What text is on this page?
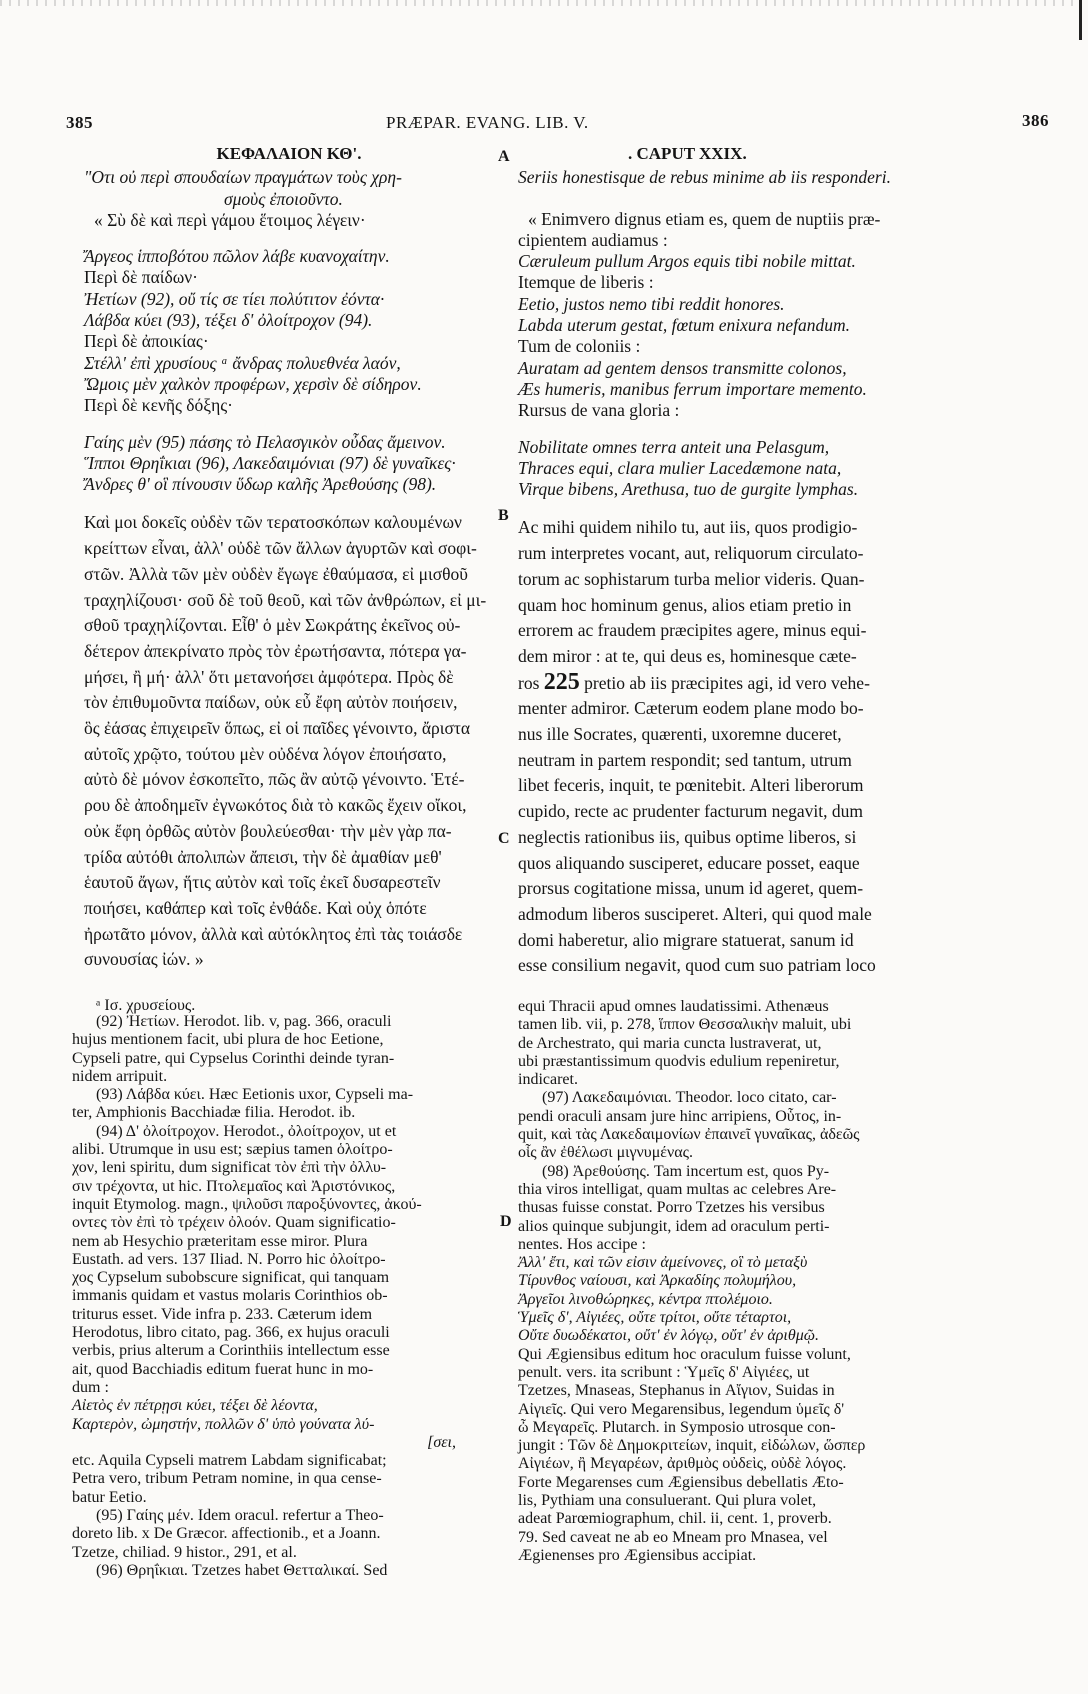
385	PRÆPAR. EVANG. LIB. V.	386
A
B
C
D

ΚΕΦΑΛΑΙΟΝ ΚΘ'.

"Οτι οὐ περὶ σπουδαίων πραγμάτων τοὺς χρη-

σμοὺς ἐποιοῦντο.

« Σὺ δὲ καὶ περὶ γάμου ἕτοιμος λέγειν·

Ἄργεος ἱπποβότου πῶλον λάβε κυανοχαίτην.

Περὶ δὲ παίδων·

Ἠετίων (92), οὔ τίς σε τίει πολύτιτον ἐόντα·

Λάβδα κύει (93), τέξει δ' ὀλοίτροχον (94).

Περὶ δὲ ἀποικίας·

Στέλλ' ἐπὶ χρυσίους ᵃ ἄνδρας πολυεθνέα λαόν,

Ὤμοις μὲν χαλκὸν προφέρων, χερσὶν δὲ σίδηρον.

Περὶ δὲ κενῆς δόξης·

Γαίης μὲν (95) πάσης τὸ Πελασγικὸν οὖδας ἄμεινον.

Ἵπποι Θρηΐκιαι (96), Λακεδαιμόνιαι (97) δὲ γυναῖκες·

Ἄνδρες θ' οἳ πίνουσιν ὕδωρ καλῆς Ἀρεθούσης (98).

Καὶ μοι δοκεῖς οὐδὲν τῶν τερατοσκόπων καλουμένων

κρείττων εἶναι, ἀλλ' οὐδὲ τῶν ἄλλων ἀγυρτῶν καὶ σοφι-

στῶν. Ἀλλὰ τῶν μὲν οὐδὲν ἔγωγε ἐθαύμασα, εἰ μισθοῦ

τραχηλίζουσι· σοῦ δὲ τοῦ θεοῦ, καὶ τῶν ἀνθρώπων, εἰ μι-

σθοῦ τραχηλίζονται. Εἶθ' ὁ μὲν Σωκράτης ἐκεῖνος οὐ-

δέτερον ἀπεκρίνατο πρὸς τὸν ἐρωτήσαντα, πότερα γα-

μήσει, ἢ μή· ἀλλ' ὅτι μετανοήσει ἀμφότερα. Πρὸς δὲ

τὸν ἐπιθυμοῦντα παίδων, οὐκ εὖ ἔφη αὐτὸν ποιήσειν,

ὃς ἐάσας ἐπιχειρεῖν ὅπως, εἰ οἱ παῖδες γένοιντο, ἄριστα

αὐτοῖς χρῷτο, τούτου μὲν οὐδένα λόγον ἐποιήσατο,

αὐτὸ δὲ μόνον ἐσκοπεῖτο, πῶς ἂν αὐτῷ γένοιντο. Ἑτέ-

ρου δὲ ἀποδημεῖν ἐγνωκότος διὰ τὸ κακῶς ἔχειν οἴκοι,

οὐκ ἔφη ὀρθῶς αὐτὸν βουλεύεσθαι· τὴν μὲν γὰρ πα-

τρίδα αὐτόθι ἀπολιπὼν ἄπεισι, τὴν δὲ ἀμαθίαν μεθ'

ἑαυτοῦ ἄγων, ἥτις αὐτὸν καὶ τοῖς ἐκεῖ δυσαρεστεῖν

ποιήσει, καθάπερ καὶ τοῖς ἐνθάδε. Καὶ οὐχ ὁπότε

ἠρωτᾶτο μόνον, ἀλλὰ καὶ αὐτόκλητος ἐπὶ τὰς τοιάσδε

συνουσίας ἰών. »

ᵃ Ισ. χρυσείους.

. CAPUT XXIX.

Seriis honestisque de rebus minime ab iis responderi.

« Enimvero dignus etiam es, quem de nuptiis præ-

cipientem audiamus :

Cæruleum pullum Argos equis tibi nobile mittat.

Itemque de liberis :

Eetio, justos nemo tibi reddit honores.

Labda uterum gestat, fœtum enixura nefandum.

Tum de coloniis :

Auratam ad gentem densos transmitte colonos,

Æs humeris, manibus ferrum importare memento.

Rursus de vana gloria :

Nobilitate omnes terra anteit una Pelasgum,

Thraces equi, clara mulier Lacedæmone nata,

Virque bibens, Arethusa, tuo de gurgite lymphas.

Ac mihi quidem nihilo tu, aut iis, quos prodigio-

rum interpretes vocant, aut, reliquorum circulato-

torum ac sophistarum turba melior videris. Quan-

quam hoc hominum genus, alios etiam pretio in

errorem ac fraudem præcipites agere, minus equi-

dem miror : at te, qui deus es, hominesque cæte-

ros 225 pretio ab iis præcipites agi, id vero vehe-

menter admiror. Cæterum eodem plane modo bo-

nus ille Socrates, quærenti, uxoremne duceret,

neutram in partem respondit; sed tantum, utrum

libet feceris, inquit, te pœnitebit. Alteri liberorum

cupido, recte ac prudenter facturum negavit, dum

neglectis rationibus iis, quibus optime liberos, si

quos aliquando susciperet, educare posset, eaque

prorsus cogitatione missa, unum id ageret, quem-

admodum liberos susciperet. Alteri, qui quod male

domi haberetur, alio migrare statuerat, sanum id

esse consilium negavit, quod cum suo patriam loco

(92) Ἠετίων. Herodot. lib. v, pag. 366, oraculi

hujus mentionem facit, ubi plura de hoc Eetione,

Cypseli patre, qui Cypselus Corinthi deinde tyran-

nidem arripuit.

(93) Λάβδα κύει. Hæc Eetionis uxor, Cypseli ma-

ter, Amphionis Bacchiadæ filia. Herodot. ib.

(94) Δ' ὀλοίτροχον. Herodot., ὀλοίτροχον, ut et

alibi. Utrumque in usu est; sæpius tamen ὁλοίτρο-

χον, leni spiritu, dum significat τὸν ἐπὶ τὴν ὀλλυ-

σιν τρέχοντα, ut hic. Πτολεμαῖος καὶ Ἀριστόνικος,

inquit Etymolog. magn., ψιλοῦσι παροξύνοντες, ἀκού-

οντες τὸν ἐπὶ τὸ τρέχειν ὀλοόν. Quam significatio-

nem ab Hesychio præteritam esse miror. Plura

Eustath. ad vers. 137 Iliad. N. Porro hic ὀλοίτρο-

χος Cypselum subobscure significat, qui tanquam

immanis quidam et vastus molaris Corinthios ob-

triturus esset. Vide infra p. 233. Cæterum idem

Herodotus, libro citato, pag. 366, ex hujus oraculi

verbis, prius alterum a Corinthiis intellectum esse

ait, quod Bacchiadis editum fuerat hunc in mo-

dum :

Αἰετὸς ἐν πέτρῃσι κύει, τέξει δὲ λέοντα,

Καρτερὸν, ὠμηστήν, πολλῶν δ' ὑπὸ γούνατα λύ-

[σει,

etc. Aquila Cypseli matrem Labdam significabat;

Petra vero, tribum Petram nomine, in qua cense-

batur Eetio.

(95) Γαίης μέν. Idem oracul. refertur a Theo-

doreto lib. x De Græcor. affectionib., et a Joann.

Tzetze, chiliad. 9 histor., 291, et al.

(96) Θρηΐκιαι. Tzetzes habet Θετταλικαί. Sed

equi Thracii apud omnes laudatissimi. Athenæus

tamen lib. vii, p. 278, ἵππον Θεσσαλικὴν maluit, ubi

de Archestrato, qui maria cuncta lustraverat, ut,

ubi præstantissimum quodvis edulium repeniretur,

indicaret.

(97) Λακεδαιμόνιαι. Theodor. loco citato, car-

pendi oraculi ansam jure hinc arripiens, Οὗτος, in-

quit, καὶ τὰς Λακεδαιμονίων ἐπαινεῖ γυναῖκας, ἀδεῶς

οἷς ἂν ἐθέλωσι μιγνυμένας.

(98) Ἀρεθούσης. Tam incertum est, quos Py-

thia viros intelligat, quam multas ac celebres Are-

thusas fuisse constat. Porro Tzetzes his versibus

alios quinque subjungit, idem ad oraculum perti-

nentes. Hos accipe :

Ἀλλ' ἔτι, καὶ τῶν εἰσιν ἀμείνονες, οἳ τὸ μεταξὺ

Τίρυνθος ναίουσι, καὶ Ἀρκαδίης πολυμήλου,

Ἀργεῖοι λινοθώρηκες, κέντρα πτολέμοιο.

Ὑμεῖς δ', Αἰγιέες, οὔτε τρίτοι, οὔτε τέταρτοι,

Οὔτε δυωδέκατοι, οὔτ' ἐν λόγῳ, οὔτ' ἐν ἀριθμῷ.

Qui Ægiensibus editum hoc oraculum fuisse volunt,

penult. vers. ita scribunt : Ὑμεῖς δ' Αἰγιέες, ut

Tzetzes, Mnaseas, Stephanus in Αἴγιον, Suidas in

Αἰγιεῖς. Qui vero Megarensibus, legendum ὑμεῖς δ'

ὦ Μεγαρεῖς. Plutarch. in Symposio utrosque con-

jungit : Τῶν δὲ Δημοκριτείων, inquit, εἰδώλων, ὥσπερ

Αἰγιέων, ἢ Μεγαρέων, ἀριθμὸς οὐδεὶς, οὐδὲ λόγος.

Forte Megarenses cum Ægiensibus debellatis Æto-

lis, Pythiam una consuluerant. Qui plura volet,

adeat Parœmiographum, chil. ii, cent. 1, proverb.

79. Sed caveat ne ab eo Mneam pro Mnasea, vel

Ægienenses pro Ægiensibus accipiat.
